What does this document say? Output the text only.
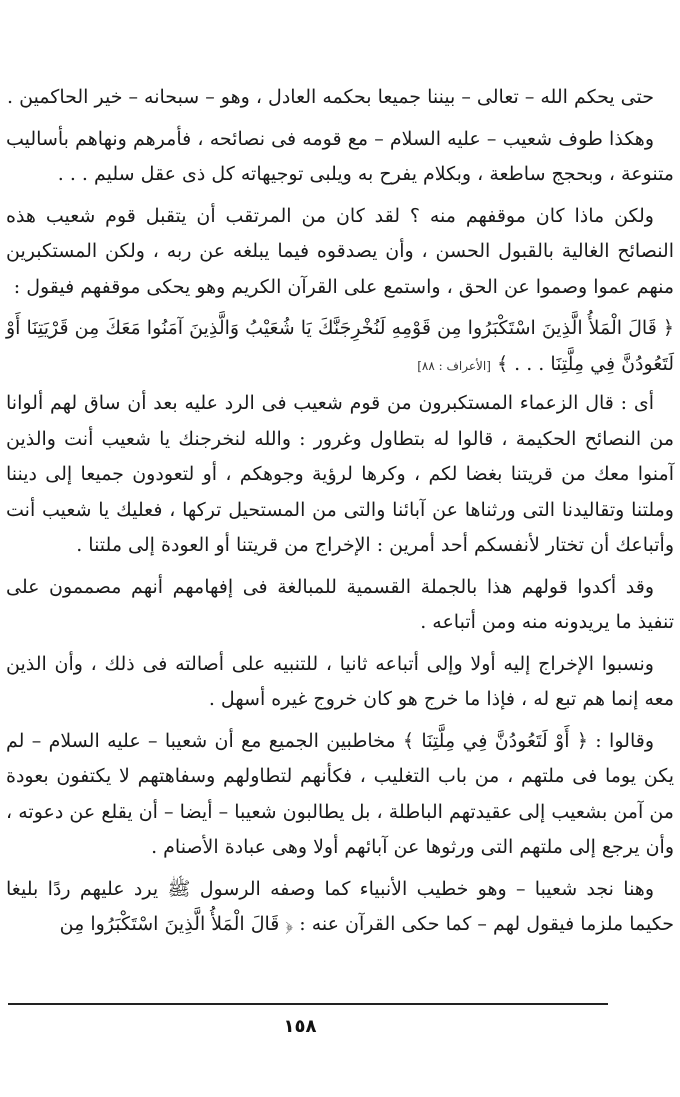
حتى يحكم الله – تعالى – بيننا جميعا بحكمه العادل ، وهو – سبحانه – خير الحاكمين .

وهكذا طوف شعيب – عليه السلام – مع قومه فى نصائحه ، فأمرهم ونهاهم بأساليب متنوعة ، وبحجج ساطعة ، وبكلام يفرح به ويلبى توجيهاته كل ذى عقل سليم . . .

ولكن ماذا كان موقفهم منه ؟ لقد كان من المرتقب أن يتقبل قوم شعيب هذه النصائح الغالية بالقبول الحسن ، وأن يصدقوه فيما يبلغه عن ربه ، ولكن المستكبرين منهم عموا وصموا عن الحق ، واستمع على القرآن الكريم وهو يحكى موقفهم فيقول :

﴿ قَالَ الْمَلأُ الَّذِينَ اسْتَكْبَرُوا مِن قَوْمِهِ لَنُخْرِجَنَّكَ يَا شُعَيْبُ وَالَّذِينَ آمَنُوا مَعَكَ مِن قَرْيَتِنَا أَوْ لَتَعُودُنَّ فِي مِلَّتِنَا . . . ﴾ [الأعراف : ٨٨]

أى : قال الزعماء المستكبرون من قوم شعيب فى الرد عليه بعد أن ساق لهم ألوانا من النصائح الحكيمة ، قالوا له بتطاول وغرور : والله لنخرجنك يا شعيب أنت والذين آمنوا معك من قريتنا بغضا لكم ، وكرها لرؤية وجوهكم ، أو لتعودون جميعا إلى ديننا وملتنا وتقاليدنا التى ورثناها عن آبائنا والتى من المستحيل تركها ، فعليك يا شعيب أنت وأتباعك أن تختار لأنفسكم أحد أمرين : الإخراج من قريتنا أو العودة إلى ملتنا .

وقد أكدوا قولهم هذا بالجملة القسمية للمبالغة فى إفهامهم أنهم مصممون على تنفيذ ما يريدونه منه ومن أتباعه .

ونسبوا الإخراج إليه أولا وإلى أتباعه ثانيا ، للتنبيه على أصالته فى ذلك ، وأن الذين معه إنما هم تبع له ، فإذا ما خرج هو كان خروج غيره أسهل .

وقالوا : ﴿ أَوْ لَتَعُودُنَّ فِي مِلَّتِنَا ﴾ مخاطبين الجميع مع أن شعيبا – عليه السلام – لم يكن يوما فى ملتهم ، من باب التغليب ، فكأنهم لتطاولهم وسفاهتهم لا يكتفون بعودة من آمن بشعيب إلى عقيدتهم الباطلة ، بل يطالبون شعيبا – أيضا – أن يقلع عن دعوته ، وأن يرجع إلى ملتهم التى ورثوها عن آبائهم أولا وهى عبادة الأصنام .

وهنا نجد شعيبا – وهو خطيب الأنبياء كما وصفه الرسول ﷺ يرد عليهم ردًا بليغا حكيما ملزما فيقول لهم – كما حكى القرآن عنه : ﴿ قَالَ الْمَلأُ الَّذِينَ اسْتَكْبَرُوا مِن

١٥٨
